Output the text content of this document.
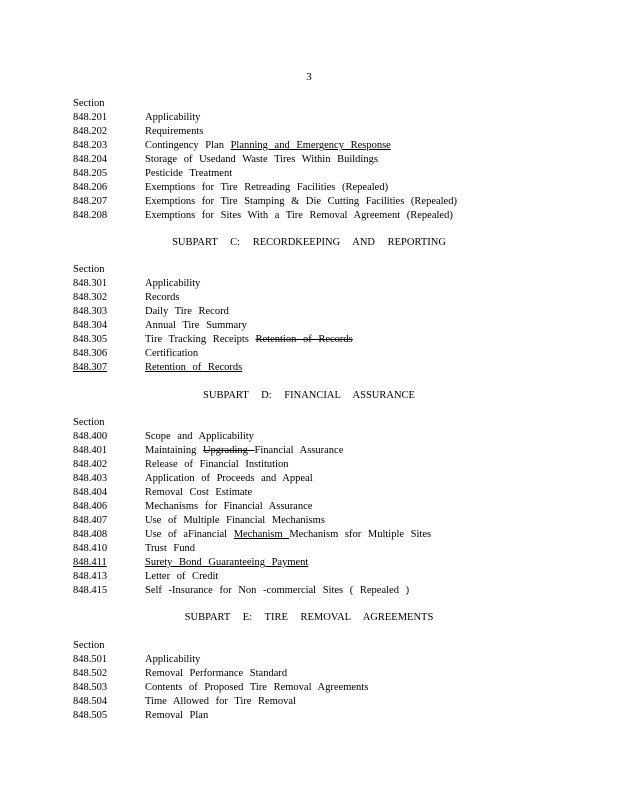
3
Section
848.201	Applicability
848.202	Requirements
848.203	Contingency Plan Planning and Emergency Response
848.204	Storage of Usedand Waste Tires Within Buildings
848.205	Pesticide Treatment
848.206	Exemptions for Tire Retreading Facilities (Repealed)
848.207	Exemptions for Tire Stamping & Die Cutting Facilities (Repealed)
848.208	Exemptions for Sites With a Tire Removal Agreement (Repealed)
SUBPART C: RECORDKEEPING AND REPORTING
Section
848.301	Applicability
848.302	Records
848.303	Daily Tire Record
848.304	Annual Tire Summary
848.305	Tire Tracking Receipts Retention of Records
848.306	Certification
848.307	Retention of Records
SUBPART D: FINANCIAL ASSURANCE
Section
848.400	Scope and Applicability
848.401	Maintaining Upgrading Financial Assurance
848.402	Release of Financial Institution
848.403	Application of Proceeds and Appeal
848.404	Removal Cost Estimate
848.406	Mechanisms for Financial Assurance
848.407	Use of Multiple Financial Mechanisms
848.408	Use of aFinancial Mechanism Mechanism sfor Multiple Sites
848.410	Trust Fund
848.411	Surety Bond Guaranteeing Payment
848.413	Letter of Credit
848.415	Self -Insurance for Non -commercial Sites ( Repealed )
SUBPART E: TIRE REMOVAL AGREEMENTS
Section
848.501	Applicability
848.502	Removal Performance Standard
848.503	Contents of Proposed Tire Removal Agreements
848.504	Time Allowed for Tire Removal
848.505	Removal Plan
